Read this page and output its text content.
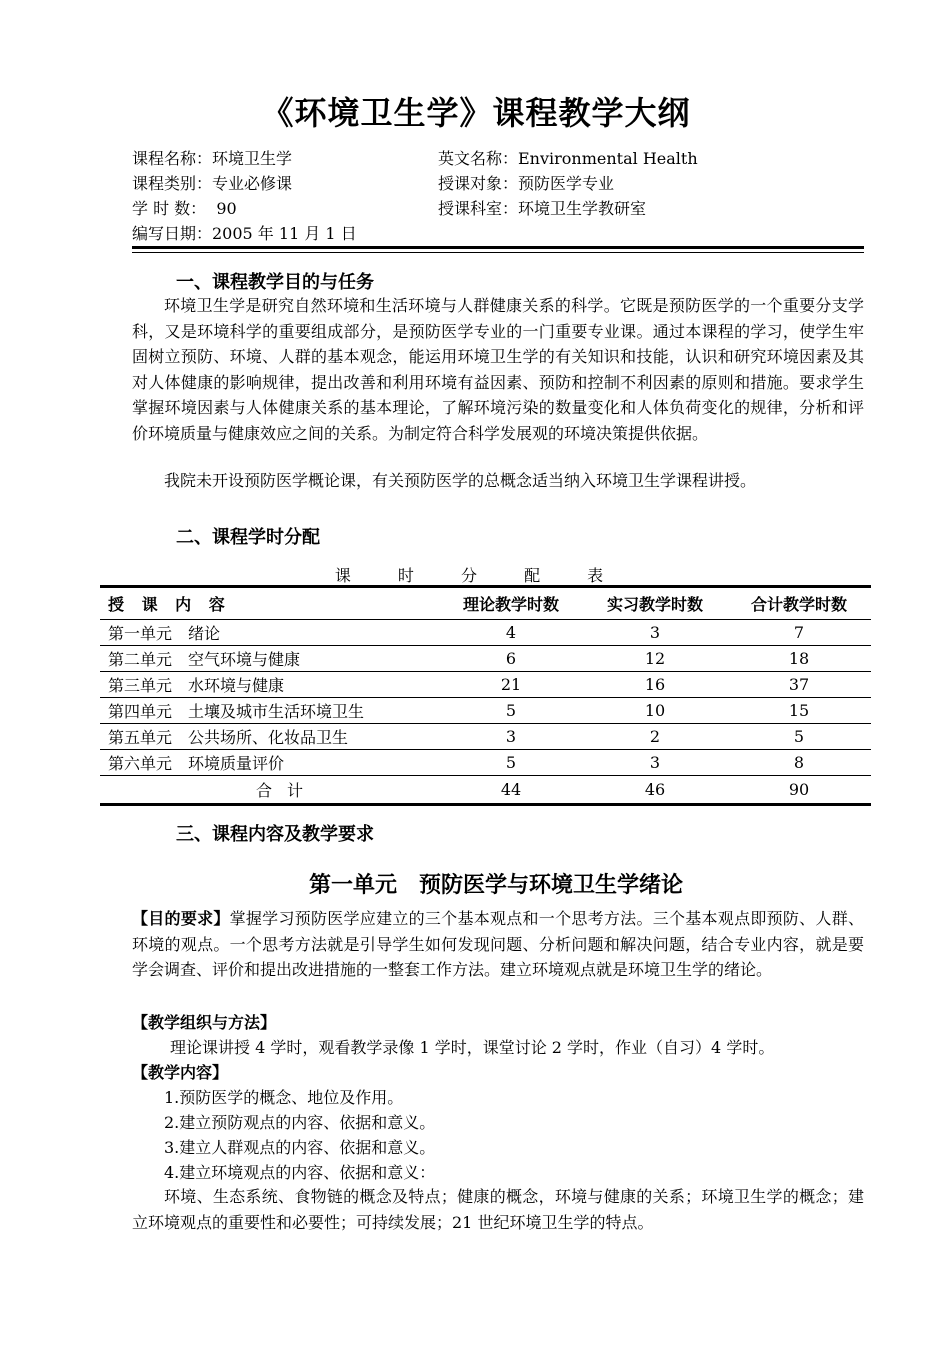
《环境卫生学》课程教学大纲
课程名称：环境卫生学	英文名称：Environmental Health
课程类别：专业必修课	授课对象：预防医学专业
学 时 数：  90	授课科室：环境卫生学教研室
编写日期：2005 年 11 月 1 日
一、课程教学目的与任务
环境卫生学是研究自然环境和生活环境与人群健康关系的科学。它既是预防医学的一个重要分支学科，又是环境科学的重要组成部分，是预防医学专业的一门重要专业课。通过本课程的学习，使学生牢固树立预防、环境、人群的基本观念，能运用环境卫生学的有关知识和技能，认识和研究环境因素及其对人体健康的影响规律，提出改善和利用环境有益因素、预防和控制不利因素的原则和措施。要求学生掌握环境因素与人体健康关系的基本理论，了解环境污染的数量变化和人体负荷变化的规律，分析和评价环境质量与健康效应之间的关系。为制定符合科学发展观的环境决策提供依据。
我院未开设预防医学概论课，有关预防医学的总概念适当纳入环境卫生学课程讲授。
二、课程学时分配
课 时 分 配 表
授 课 内 容	理论教学时数	实习教学时数	合计教学时数
第一单元　绪论	4	3	7
第二单元　空气环境与健康	6	12	18
第三单元　水环境与健康	21	16	37
第四单元　土壤及城市生活环境卫生	5	10	15
第五单元　公共场所、化妆品卫生	3	2	5
第六单元　环境质量评价	5	3	8
合 计	44	46	90
三、课程内容及教学要求
第一单元　预防医学与环境卫生学绪论
【目的要求】掌握学习预防医学应建立的三个基本观点和一个思考方法。三个基本观点即预防、人群、环境的观点。一个思考方法就是引导学生如何发现问题、分析问题和解决问题，结合专业内容，就是要学会调查、评价和提出改进措施的一整套工作方法。建立环境观点就是环境卫生学的绪论。
【教学组织与方法】
理论课讲授 4 学时，观看教学录像 1 学时，课堂讨论 2 学时，作业（自习）4 学时。
【教学内容】
1.预防医学的概念、地位及作用。
2.建立预防观点的内容、依据和意义。
3.建立人群观点的内容、依据和意义。
4.建立环境观点的内容、依据和意义：
环境、生态系统、食物链的概念及特点；健康的概念，环境与健康的关系；环境卫生学的概念；建立环境观点的重要性和必要性；可持续发展；21 世纪环境卫生学的特点。
